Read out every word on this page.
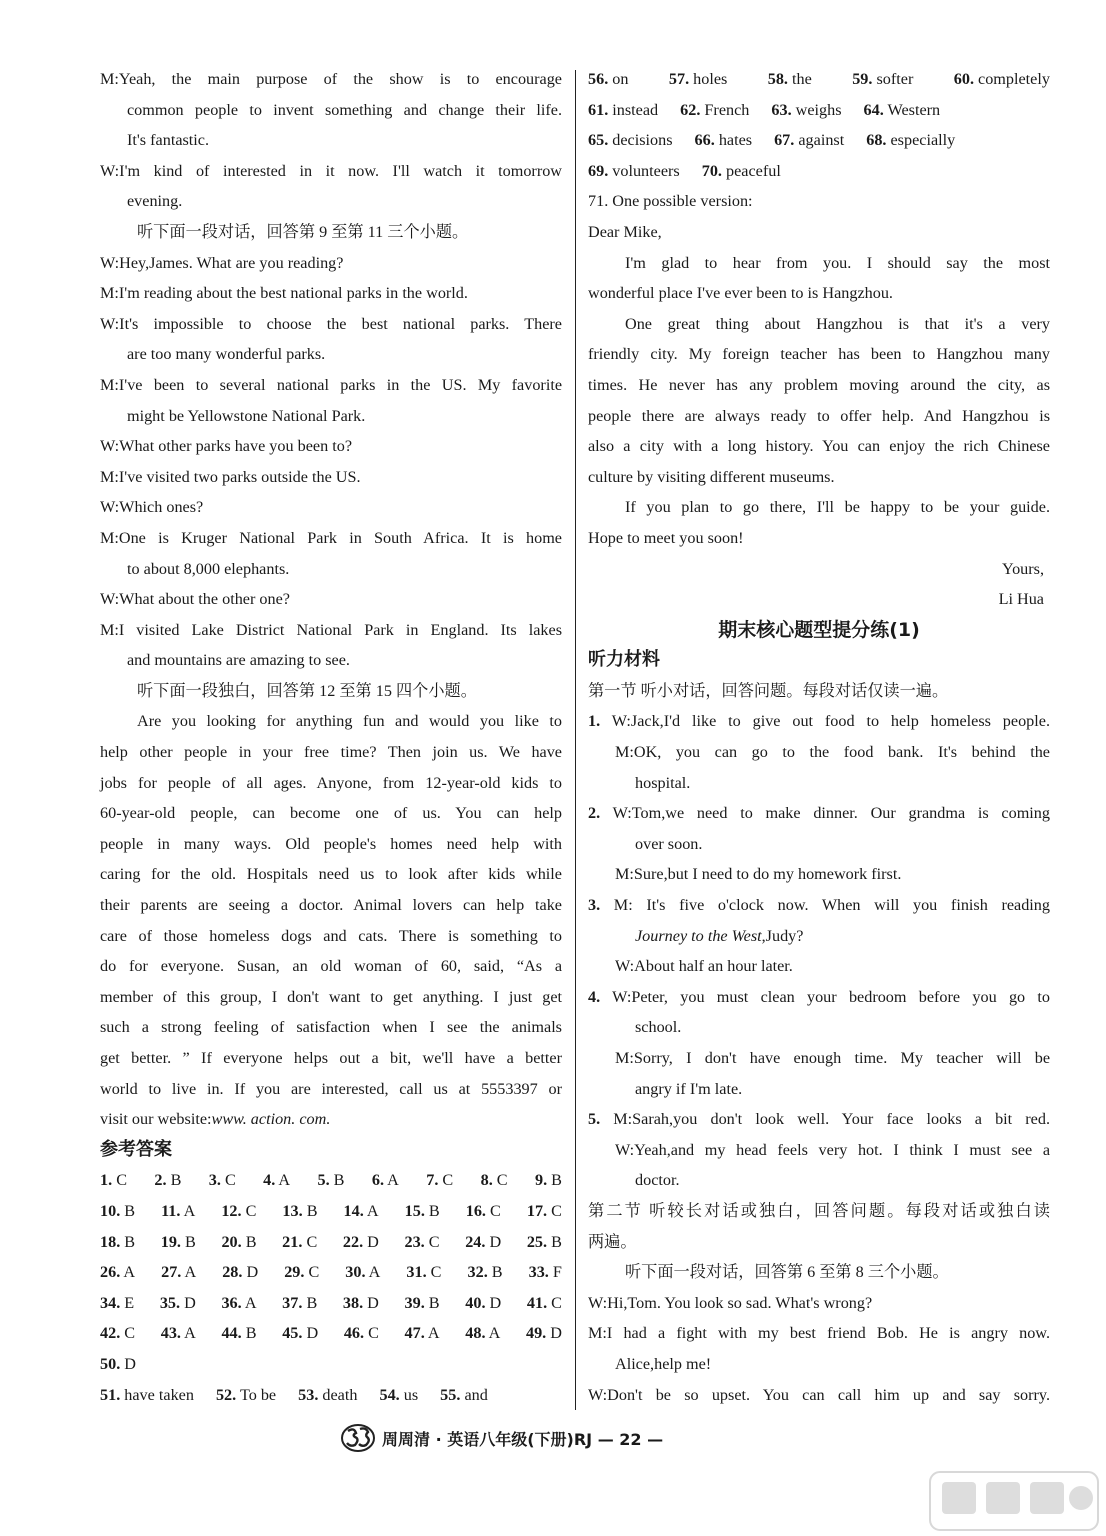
M:Yeah, the main purpose of the show is to encourage
common people to invent something and change their life.
It's fantastic.
W:I'm kind of interested in it now. I'll watch it tomorrow
evening.
听下面一段对话，回答第 9 至第 11 三个小题。
W:Hey,James. What are you reading?
M:I'm reading about the best national parks in the world.
W:It's impossible to choose the best national parks. There
are too many wonderful parks.
M:I've been to several national parks in the US. My favorite
might be Yellowstone National Park.
W:What other parks have you been to?
M:I've visited two parks outside the US.
W:Which ones?
M:One is Kruger National Park in South Africa. It is home
to about 8,000 elephants.
W:What about the other one?
M:I visited Lake District National Park in England. Its lakes
and mountains are amazing to see.
听下面一段独白，回答第 12 至第 15 四个小题。
Are you looking for anything fun and would you like to
help other people in your free time? Then join us. We have
jobs for people of all ages. Anyone, from 12-year-old kids to
60-year-old people, can become one of us. You can help
people in many ways. Old people's homes need help with
caring for the old. Hospitals need us to look after kids while
their parents are seeing a doctor. Animal lovers can help take
care of those homeless dogs and cats. There is something to
do for everyone. Susan, an old woman of 60, said, “As a
member of this group, I don't want to get anything. I just get
such a strong feeling of satisfaction when I see the animals
get better. ” If everyone helps out a bit, we'll have a better
world to live in. If you are interested, call us at 5553397 or
visit our website:www. action. com.
参考答案
1. C 2. B 3. C 4. A 5. B 6. A 7. C 8. C 9. B
10. B 11. A 12. C 13. B 14. A 15. B 16. C 17. C
18. B 19. B 20. B 21. C 22. D 23. C 24. D 25. B
26. A 27. A 28. D 29. C 30. A 31. C 32. B 33. F
34. E 35. D 36. A 37. B 38. D 39. B 40. D 41. C
42. C 43. A 44. B 45. D 46. C 47. A 48. A 49. D
50. D
51. have taken 52. To be 53. death 54. us 55. and
56. on 57. holes 58. the 59. softer 60. completely
61. instead 62. French 63. weighs 64. Western
65. decisions 66. hates 67. against 68. especially
69. volunteers 70. peaceful
71. One possible version:
Dear Mike,
I'm glad to hear from you. I should say the most
wonderful place I've ever been to is Hangzhou.
One great thing about Hangzhou is that it's a very
friendly city. My foreign teacher has been to Hangzhou many
times. He never has any problem moving around the city, as
people there are always ready to offer help. And Hangzhou is
also a city with a long history. You can enjoy the rich Chinese
culture by visiting different museums.
If you plan to go there, I'll be happy to be your guide.
Hope to meet you soon!
Yours,
Li Hua
期末核心题型提分练(1)
听力材料
第一节 听小对话，回答问题。每段对话仅读一遍。
1. W:Jack,I'd like to give out food to help homeless people.
M:OK, you can go to the food bank. It's behind the
hospital.
2. W:Tom,we need to make dinner. Our grandma is coming
over soon.
M:Sure,but I need to do my homework first.
3. M: It's five o'clock now. When will you finish reading
Journey to the West,Judy?
W:About half an hour later.
4. W:Peter, you must clean your bedroom before you go to
school.
M:Sorry, I don't have enough time. My teacher will be
angry if I'm late.
5. M:Sarah,you don't look well. Your face looks a bit red.
W:Yeah,and my head feels very hot. I think I must see a
doctor.
第二节 听较长对话或独白，回答问题。每段对话或独白读
两遍。
听下面一段对话，回答第 6 至第 8 三个小题。
W:Hi,Tom. You look so sad. What's wrong?
M:I had a fight with my best friend Bob. He is angry now.
Alice,help me!
W:Don't be so upset. You can call him up and say sorry.
周周清 · 英语八年级(下册)RJ — 22 —
